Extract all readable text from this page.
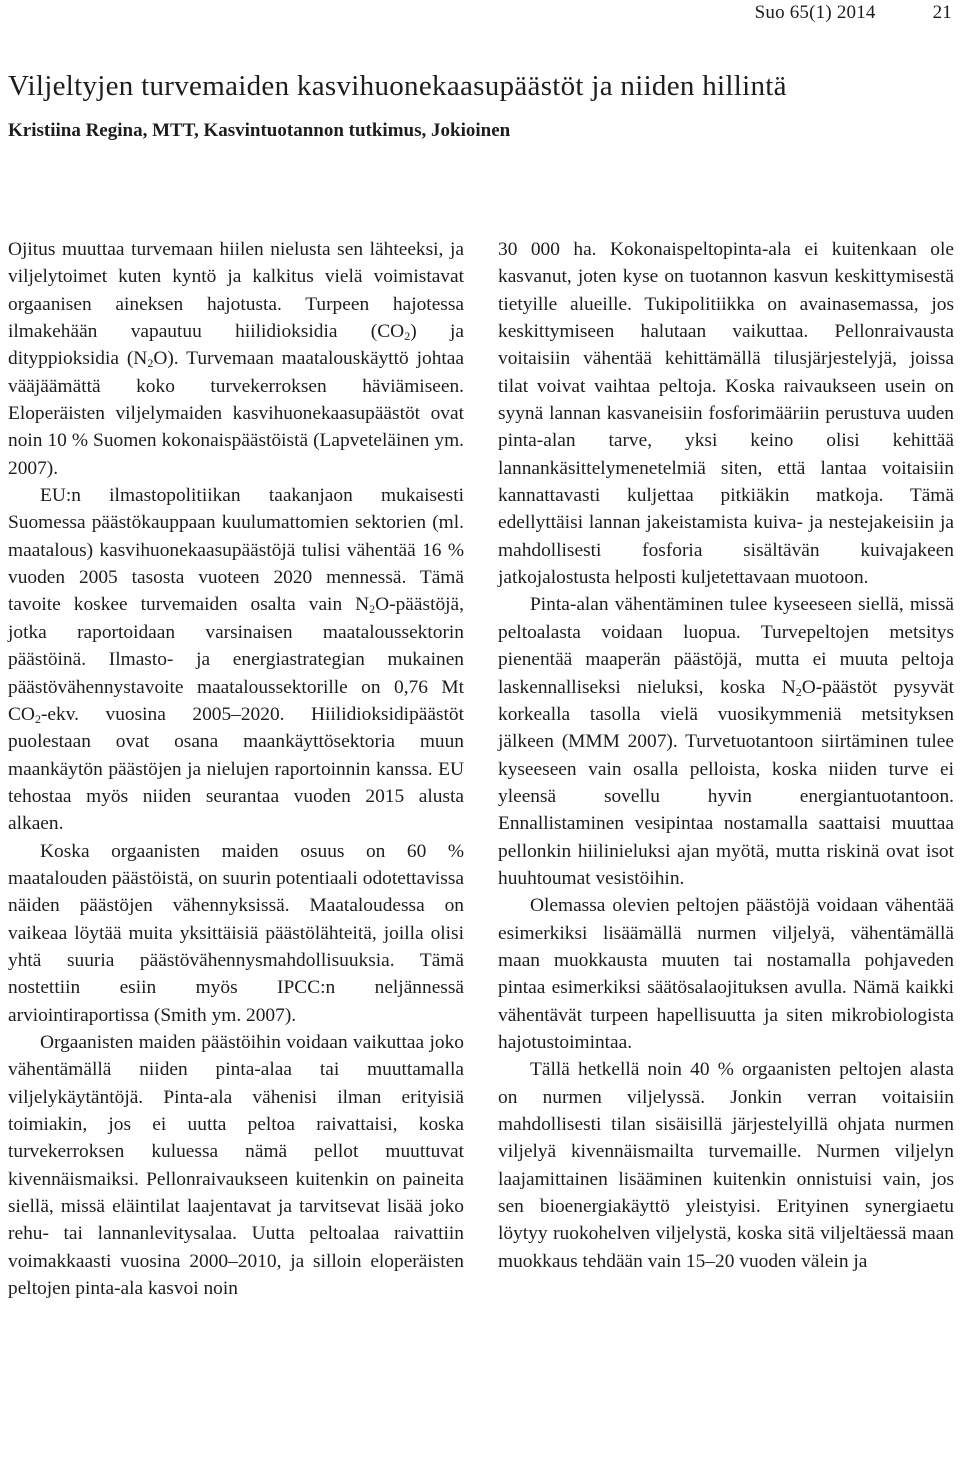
Suo 65(1) 2014	21
Viljeltyjen turvemaiden kasvihuonekaasupäästöt ja niiden hillintä
Kristiina Regina, MTT, Kasvintuotannon tutkimus, Jokioinen

Ojitus muuttaa turvemaan hiilen nielusta sen lähteeksi, ja viljelytoimet kuten kyntö ja kalkitus vielä voimistavat orgaanisen aineksen hajotusta. Turpeen hajotessa ilmakehään vapautuu hiilidioksidia $(CO_2)$ ja dityppioksidia $(N_2O)$. Turvemaan maatalouskäyttö johtaa vääjäämättä koko turvekerroksen häviämiseen. Eloperäisten viljelymaiden kasvihuonekaasupäästöt ovat noin 10 % Suomen kokonaispäästöistä (Lapveteläinen ym. 2007).

EU:n ilmastopolitiikan taakanjaon mukaisesti Suomessa päästökauppaan kuulumattomien sektorien (ml. maatalous) kasvihuonekaasupäästöjä tulisi vähentää 16 % vuoden 2005 tasosta vuoteen 2020 mennessä. Tämä tavoite koskee turvemaiden osalta vain $N_2O$-päästöjä, jotka raportoidaan varsinaisen maataloussektorin päästöinä. Ilmasto- ja energiastrategian mukainen päästövähennystavoite maataloussektorille on 0,76 Mt $CO_2$-ekv. vuosina 2005–2020. Hiilidioksidipäästöt puolestaan ovat osana maankäyttösektoria muun maankäytön päästöjen ja nielujen raportoinnin kanssa. EU tehostaa myös niiden seurantaa vuoden 2015 alusta alkaen.

Koska orgaanisten maiden osuus on 60 % maatalouden päästöistä, on suurin potentiaali odotettavissa näiden päästöjen vähennyksissä. Maataloudessa on vaikeaa löytää muita yksittäisiä päästölähteitä, joilla olisi yhtä suuria päästövähennysmahdollisuuksia. Tämä nostettiin esiin myös IPCC:n neljännessä arviointiraportissa (Smith ym. 2007).

Orgaanisten maiden päästöihin voidaan vaikuttaa joko vähentämällä niiden pinta-alaa tai muuttamalla viljelykäytäntöjä. Pinta-ala vähenisi ilman erityisiä toimiakin, jos ei uutta peltoa raivattaisi, koska turvekerroksen kuluessa nämä pellot muuttuvat kivennäismaiksi. Pellonraivaukseen kuitenkin on paineita siellä, missä eläintilat laajentavat ja tarvitsevat lisää joko rehu- tai lannanlevitysalaa. Uutta peltoalaa raivattiin voimakkaasti vuosina 2000–2010, ja silloin eloperäisten peltojen pinta-ala kasvoi noin

30 000 ha. Kokonaispeltopinta-ala ei kuitenkaan ole kasvanut, joten kyse on tuotannon kasvun keskittymisestä tietyille alueille. Tukipolitiikka on avainasemassa, jos keskittymiseen halutaan vaikuttaa. Pellonraivausta voitaisiin vähentää kehittämällä tilusjärjestelyjä, joissa tilat voivat vaihtaa peltoja. Koska raivaukseen usein on syynä lannan kasvaneisiin fosforimääriin perustuva uuden pinta-alan tarve, yksi keino olisi kehittää lannankäsittelymenetelmiä siten, että lantaa voitaisiin kannattavasti kuljettaa pitkiäkin matkoja. Tämä edellyttäisi lannan jakeistamista kuiva- ja nestejakeisiin ja mahdollisesti fosforia sisältävän kuivajakeen jatkojalostusta helposti kuljetettavaan muotoon.

Pinta-alan vähentäminen tulee kyseeseen siellä, missä peltoalasta voidaan luopua. Turvepeltojen metsitys pienentää maaperän päästöjä, mutta ei muuta peltoja laskennalliseksi nieluksi, koska $N_2O$-päästöt pysyvät korkealla tasolla vielä vuosikymmeniä metsityksen jälkeen (MMM 2007). Turvetuotantoon siirtäminen tulee kyseeseen vain osalla pelloista, koska niiden turve ei yleensä sovellu hyvin energiantuotantoon. Ennallistaminen vesipintaa nostamalla saattaisi muuttaa pellonkin hiilinieluksi ajan myötä, mutta riskinä ovat isot huuhtoumat vesistöihin.

Olemassa olevien peltojen päästöjä voidaan vähentää esimerkiksi lisäämällä nurmen viljelyä, vähentämällä maan muokkausta muuten tai nostamalla pohjaveden pintaa esimerkiksi säätösalaojituksen avulla. Nämä kaikki vähentävät turpeen hapellisuutta ja siten mikrobiologista hajotustoimintaa.

Tällä hetkellä noin 40 % orgaanisten peltojen alasta on nurmen viljelyssä. Jonkin verran voitaisiin mahdollisesti tilan sisäisillä järjestelyillä ohjata nurmen viljelyä kivennäismailta turvemaille. Nurmen viljelyn laajamittainen lisääminen kuitenkin onnistuisi vain, jos sen bioenergiakäyttö yleistyisi. Erityinen synergiaetu löytyy ruokohelven viljelystä, koska sitä viljeltäessä maan muokkaus tehdään vain 15–20 vuoden välein ja
